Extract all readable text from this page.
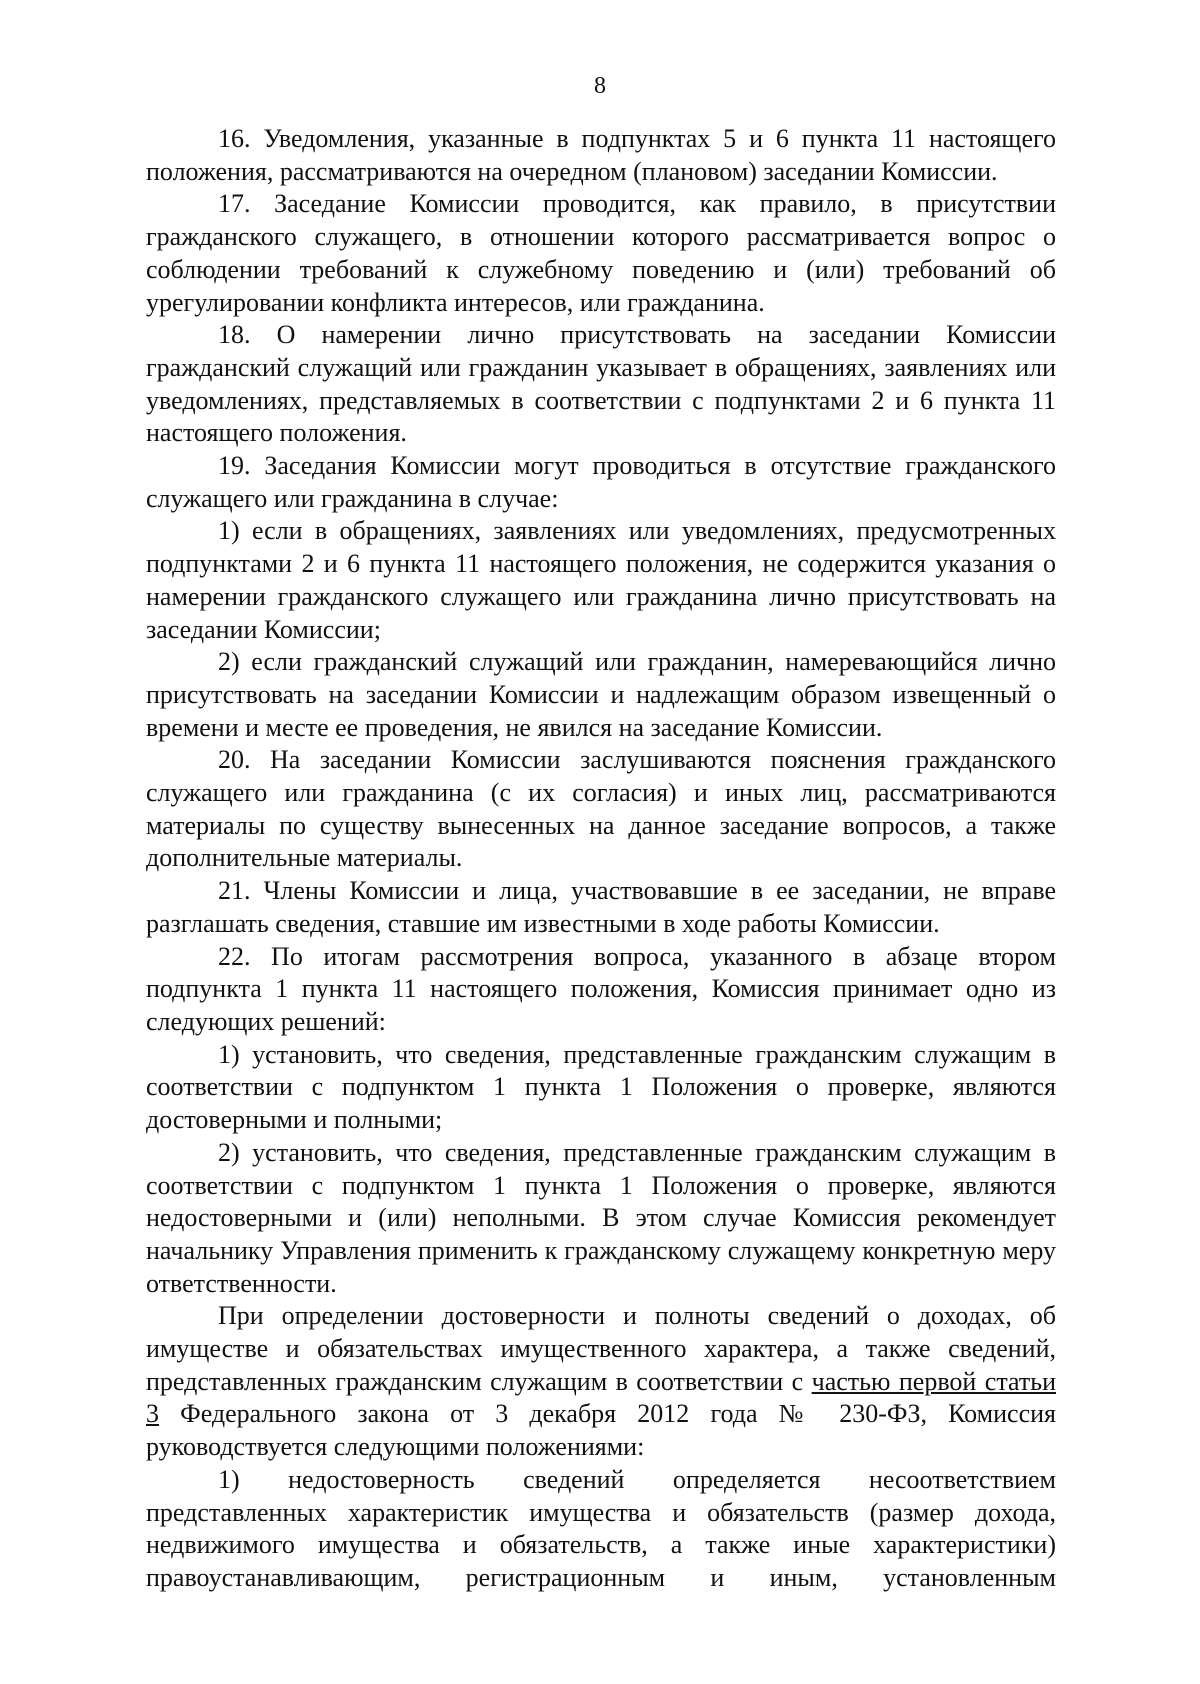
8

16. Уведомления, указанные в подпунктах 5 и 6 пункта 11 настоящего положения, рассматриваются на очередном (плановом) заседании Комиссии.

17. Заседание Комиссии проводится, как правило, в присутствии гражданского служащего, в отношении которого рассматривается вопрос о соблюдении требований к служебному поведению и (или) требований об урегулировании конфликта интересов, или гражданина.

18. О намерении лично присутствовать на заседании Комиссии гражданский служащий или гражданин указывает в обращениях, заявлениях или уведомлениях, представляемых в соответствии с подпунктами 2 и 6 пункта 11 настоящего положения.

19. Заседания Комиссии могут проводиться в отсутствие гражданского служащего или гражданина в случае:

1) если в обращениях, заявлениях или уведомлениях, предусмотренных подпунктами 2 и 6 пункта 11 настоящего положения, не содержится указания о намерении гражданского служащего или гражданина лично присутствовать на заседании Комиссии;

2) если гражданский служащий или гражданин, намеревающийся лично присутствовать на заседании Комиссии и надлежащим образом извещенный о времени и месте ее проведения, не явился на заседание Комиссии.

20. На заседании Комиссии заслушиваются пояснения гражданского служащего или гражданина (с их согласия) и иных лиц, рассматриваются материалы по существу вынесенных на данное заседание вопросов, а также дополнительные материалы.

21. Члены Комиссии и лица, участвовавшие в ее заседании, не вправе разглашать сведения, ставшие им известными в ходе работы Комиссии.

22. По итогам рассмотрения вопроса, указанного в абзаце втором подпункта 1 пункта 11 настоящего положения, Комиссия принимает одно из следующих решений:

1) установить, что сведения, представленные гражданским служащим в соответствии с подпунктом 1 пункта 1 Положения о проверке, являются достоверными и полными;

2) установить, что сведения, представленные гражданским служащим в соответствии с подпунктом 1 пункта 1 Положения о проверке, являются недостоверными и (или) неполными. В этом случае Комиссия рекомендует начальнику Управления применить к гражданскому служащему конкретную меру ответственности.

При определении достоверности и полноты сведений о доходах, об имуществе и обязательствах имущественного характера, а также сведений, представленных гражданским служащим в соответствии с частью первой статьи 3 Федерального закона от 3 декабря 2012 года № 230-ФЗ, Комиссия руководствуется следующими положениями:

1) недостоверность сведений определяется несоответствием представленных характеристик имущества и обязательств (размер дохода, недвижимого имущества и обязательств, а также иные характеристики) правоустанавливающим, регистрационным и иным, установленным
